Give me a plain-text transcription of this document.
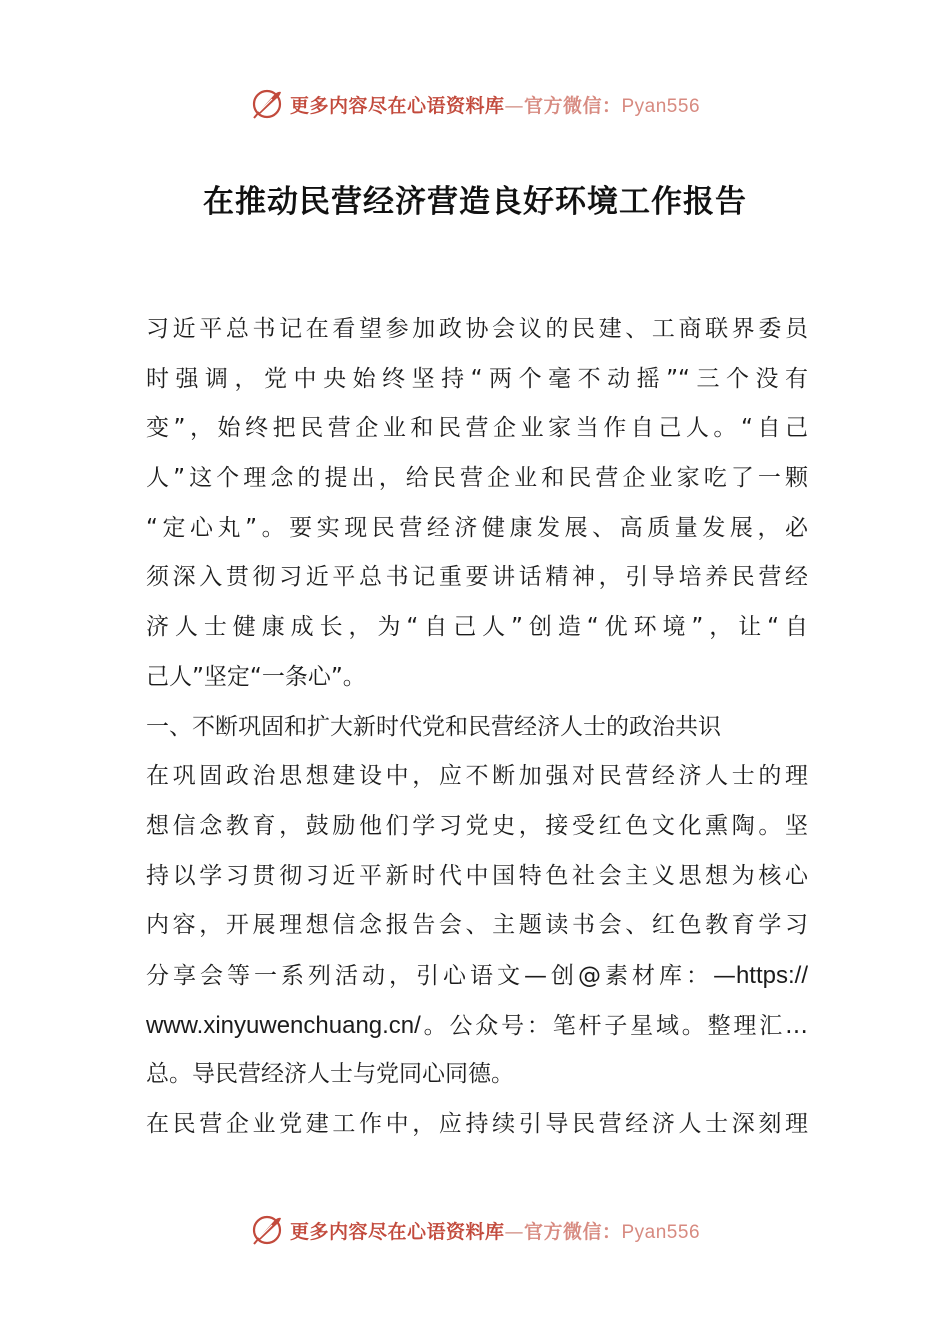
更多内容尽在心语资料库—官方微信：Pyan556
在推动民营经济营造良好环境工作报告
习近平总书记在看望参加政协会议的民建、工商联界委员
时强调，党中央始终坚持“两个毫不动摇”“三个没有
变”，始终把民营企业和民营企业家当作自己人。“自己
人”这个理念的提出，给民营企业和民营企业家吃了一颗
“定心丸”。要实现民营经济健康发展、高质量发展，必
须深入贯彻习近平总书记重要讲话精神，引导培养民营经
济人士健康成长，为“自己人”创造“优环境”，让“自
己人”坚定“一条心”。
一、不断巩固和扩大新时代党和民营经济人士的政治共识
在巩固政治思想建设中，应不断加强对民营经济人士的理
想信念教育，鼓励他们学习党史，接受红色文化熏陶。坚
持以学习贯彻习近平新时代中国特色社会主义思想为核心
内容，开展理想信念报告会、主题读书会、红色教育学习
分享会等一系列活动，引心语文—创@素材库：—https://
www.xinyuwenchuang.cn/。公众号：笔杆子星域。整理汇…
总。导民营经济人士与党同心同德。
在民营企业党建工作中，应持续引导民营经济人士深刻理
更多内容尽在心语资料库—官方微信：Pyan556
